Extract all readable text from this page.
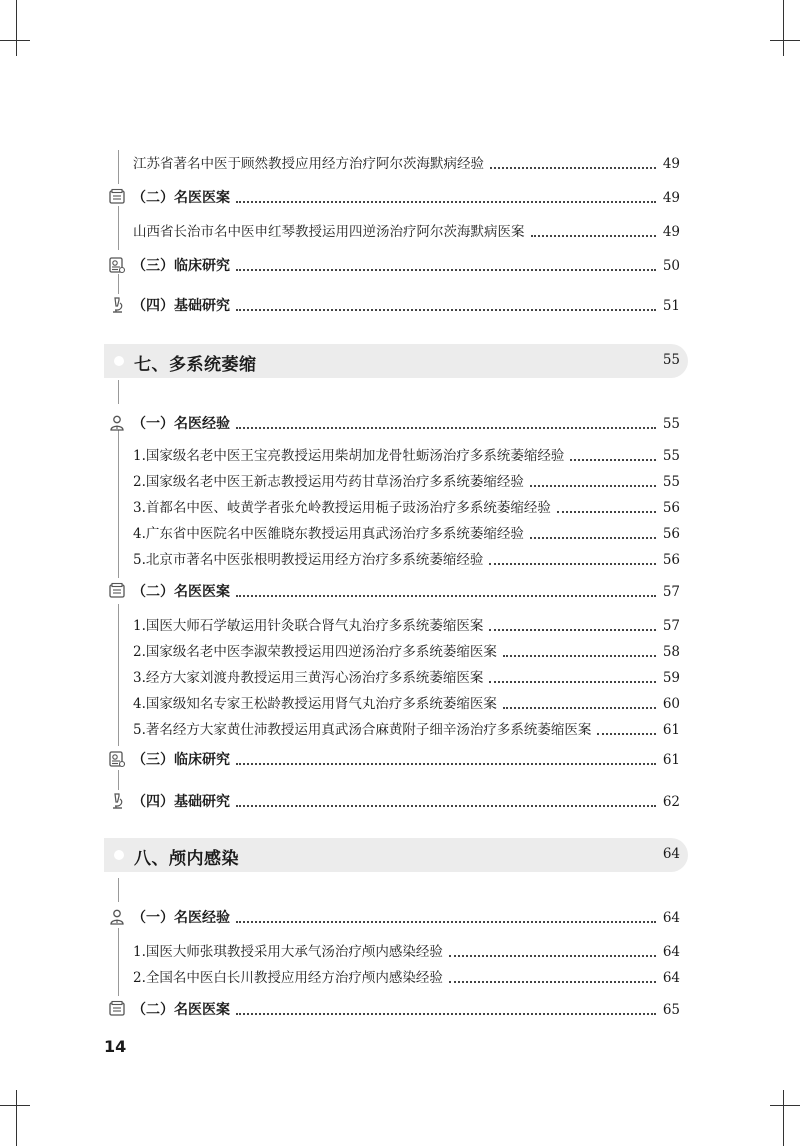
江苏省著名中医于顾然教授应用经方治疗阿尔茨海默病经验	49
（二）名医医案	49
山西省长治市名中医申红琴教授运用四逆汤治疗阿尔茨海默病医案	49
（三）临床研究	50
（四）基础研究	51
七、多系统萎缩	55
（一）名医经验	55
1.国家级名老中医王宝亮教授运用柴胡加龙骨牡蛎汤治疗多系统萎缩经验	55
2.国家级名老中医王新志教授运用芍药甘草汤治疗多系统萎缩经验	55
3.首都名中医、岐黄学者张允岭教授运用栀子豉汤治疗多系统萎缩经验	56
4.广东省中医院名中医雒晓东教授运用真武汤治疗多系统萎缩经验	56
5.北京市著名中医张根明教授运用经方治疗多系统萎缩经验	56
（二）名医医案	57
1.国医大师石学敏运用针灸联合肾气丸治疗多系统萎缩医案	57
2.国家级名老中医李淑荣教授运用四逆汤治疗多系统萎缩医案	58
3.经方大家刘渡舟教授运用三黄泻心汤治疗多系统萎缩医案	59
4.国家级知名专家王松龄教授运用肾气丸治疗多系统萎缩医案	60
5.著名经方大家黄仕沛教授运用真武汤合麻黄附子细辛汤治疗多系统萎缩医案	61
（三）临床研究	61
（四）基础研究	62
八、颅内感染	64
（一）名医经验	64
1.国医大师张琪教授采用大承气汤治疗颅内感染经验	64
2.全国名中医白长川教授应用经方治疗颅内感染经验	64
（二）名医医案	65
14
